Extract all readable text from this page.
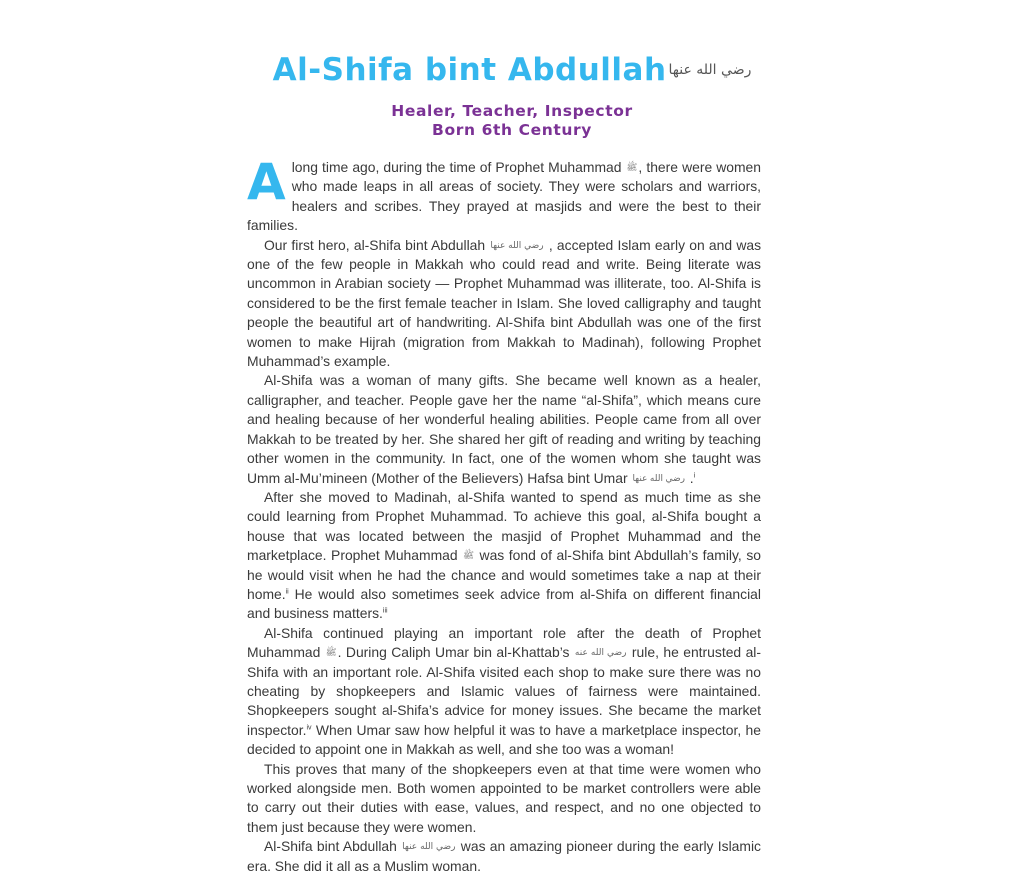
Al-Shifa bint Abdullah رضي الله عنها
Healer, Teacher, Inspector
Born 6th Century

Along time ago, during the time of Prophet Muhammad ﷺ, there were women who made leaps in all areas of society. They were scholars and warriors, healers and scribes. They prayed at masjids and were the best to their families.

Our first hero, al-Shifa bint Abdullah رضي الله عنها , accepted Islam early on and was one of the few people in Makkah who could read and write. Being literate was uncommon in Arabian society — Prophet Muhammad was illiterate, too. Al-Shifa is considered to be the first female teacher in Islam. She loved calligraphy and taught people the beautiful art of handwriting. Al-Shifa bint Abdullah was one of the first women to make Hijrah (migration from Makkah to Madinah), following Prophet Muhammad’s example.

Al-Shifa was a woman of many gifts. She became well known as a healer, calligrapher, and teacher. People gave her the name “al-Shifa”, which means cure and healing because of her wonderful healing abilities. People came from all over Makkah to be treated by her. She shared her gift of reading and writing by teaching other women in the community. In fact, one of the women whom she taught was Umm al-Mu’mineen (Mother of the Believers) Hafsa bint Umar رضي الله عنها .$^i$

After she moved to Madinah, al-Shifa wanted to spend as much time as she could learning from Prophet Muhammad. To achieve this goal, al-Shifa bought a house that was located between the masjid of Prophet Muhammad and the marketplace. Prophet Muhammad ﷺ was fond of al-Shifa bint Abdullah’s family, so he would visit when he had the chance and would sometimes take a nap at their home.$^{ii}$ He would also sometimes seek advice from al-Shifa on different financial and business matters.$^{iii}$

Al-Shifa continued playing an important role after the death of Prophet Muhammad ﷺ. During Caliph Umar bin al-Khattab’s رضي الله عنه rule, he entrusted al-Shifa with an important role. Al-Shifa visited each shop to make sure there was no cheating by shopkeepers and Islamic values of fairness were maintained. Shopkeepers sought al-Shifa’s advice for money issues. She became the market inspector.$^{iv}$ When Umar saw how helpful it was to have a marketplace inspector, he decided to appoint one in Makkah as well, and she too was a woman!

This proves that many of the shopkeepers even at that time were women who worked alongside men. Both women appointed to be market controllers were able to carry out their duties with ease, values, and respect, and no one objected to them just because they were women.

Al-Shifa bint Abdullah رضي الله عنها was an amazing pioneer during the early Islamic era. She did it all as a Muslim woman.
